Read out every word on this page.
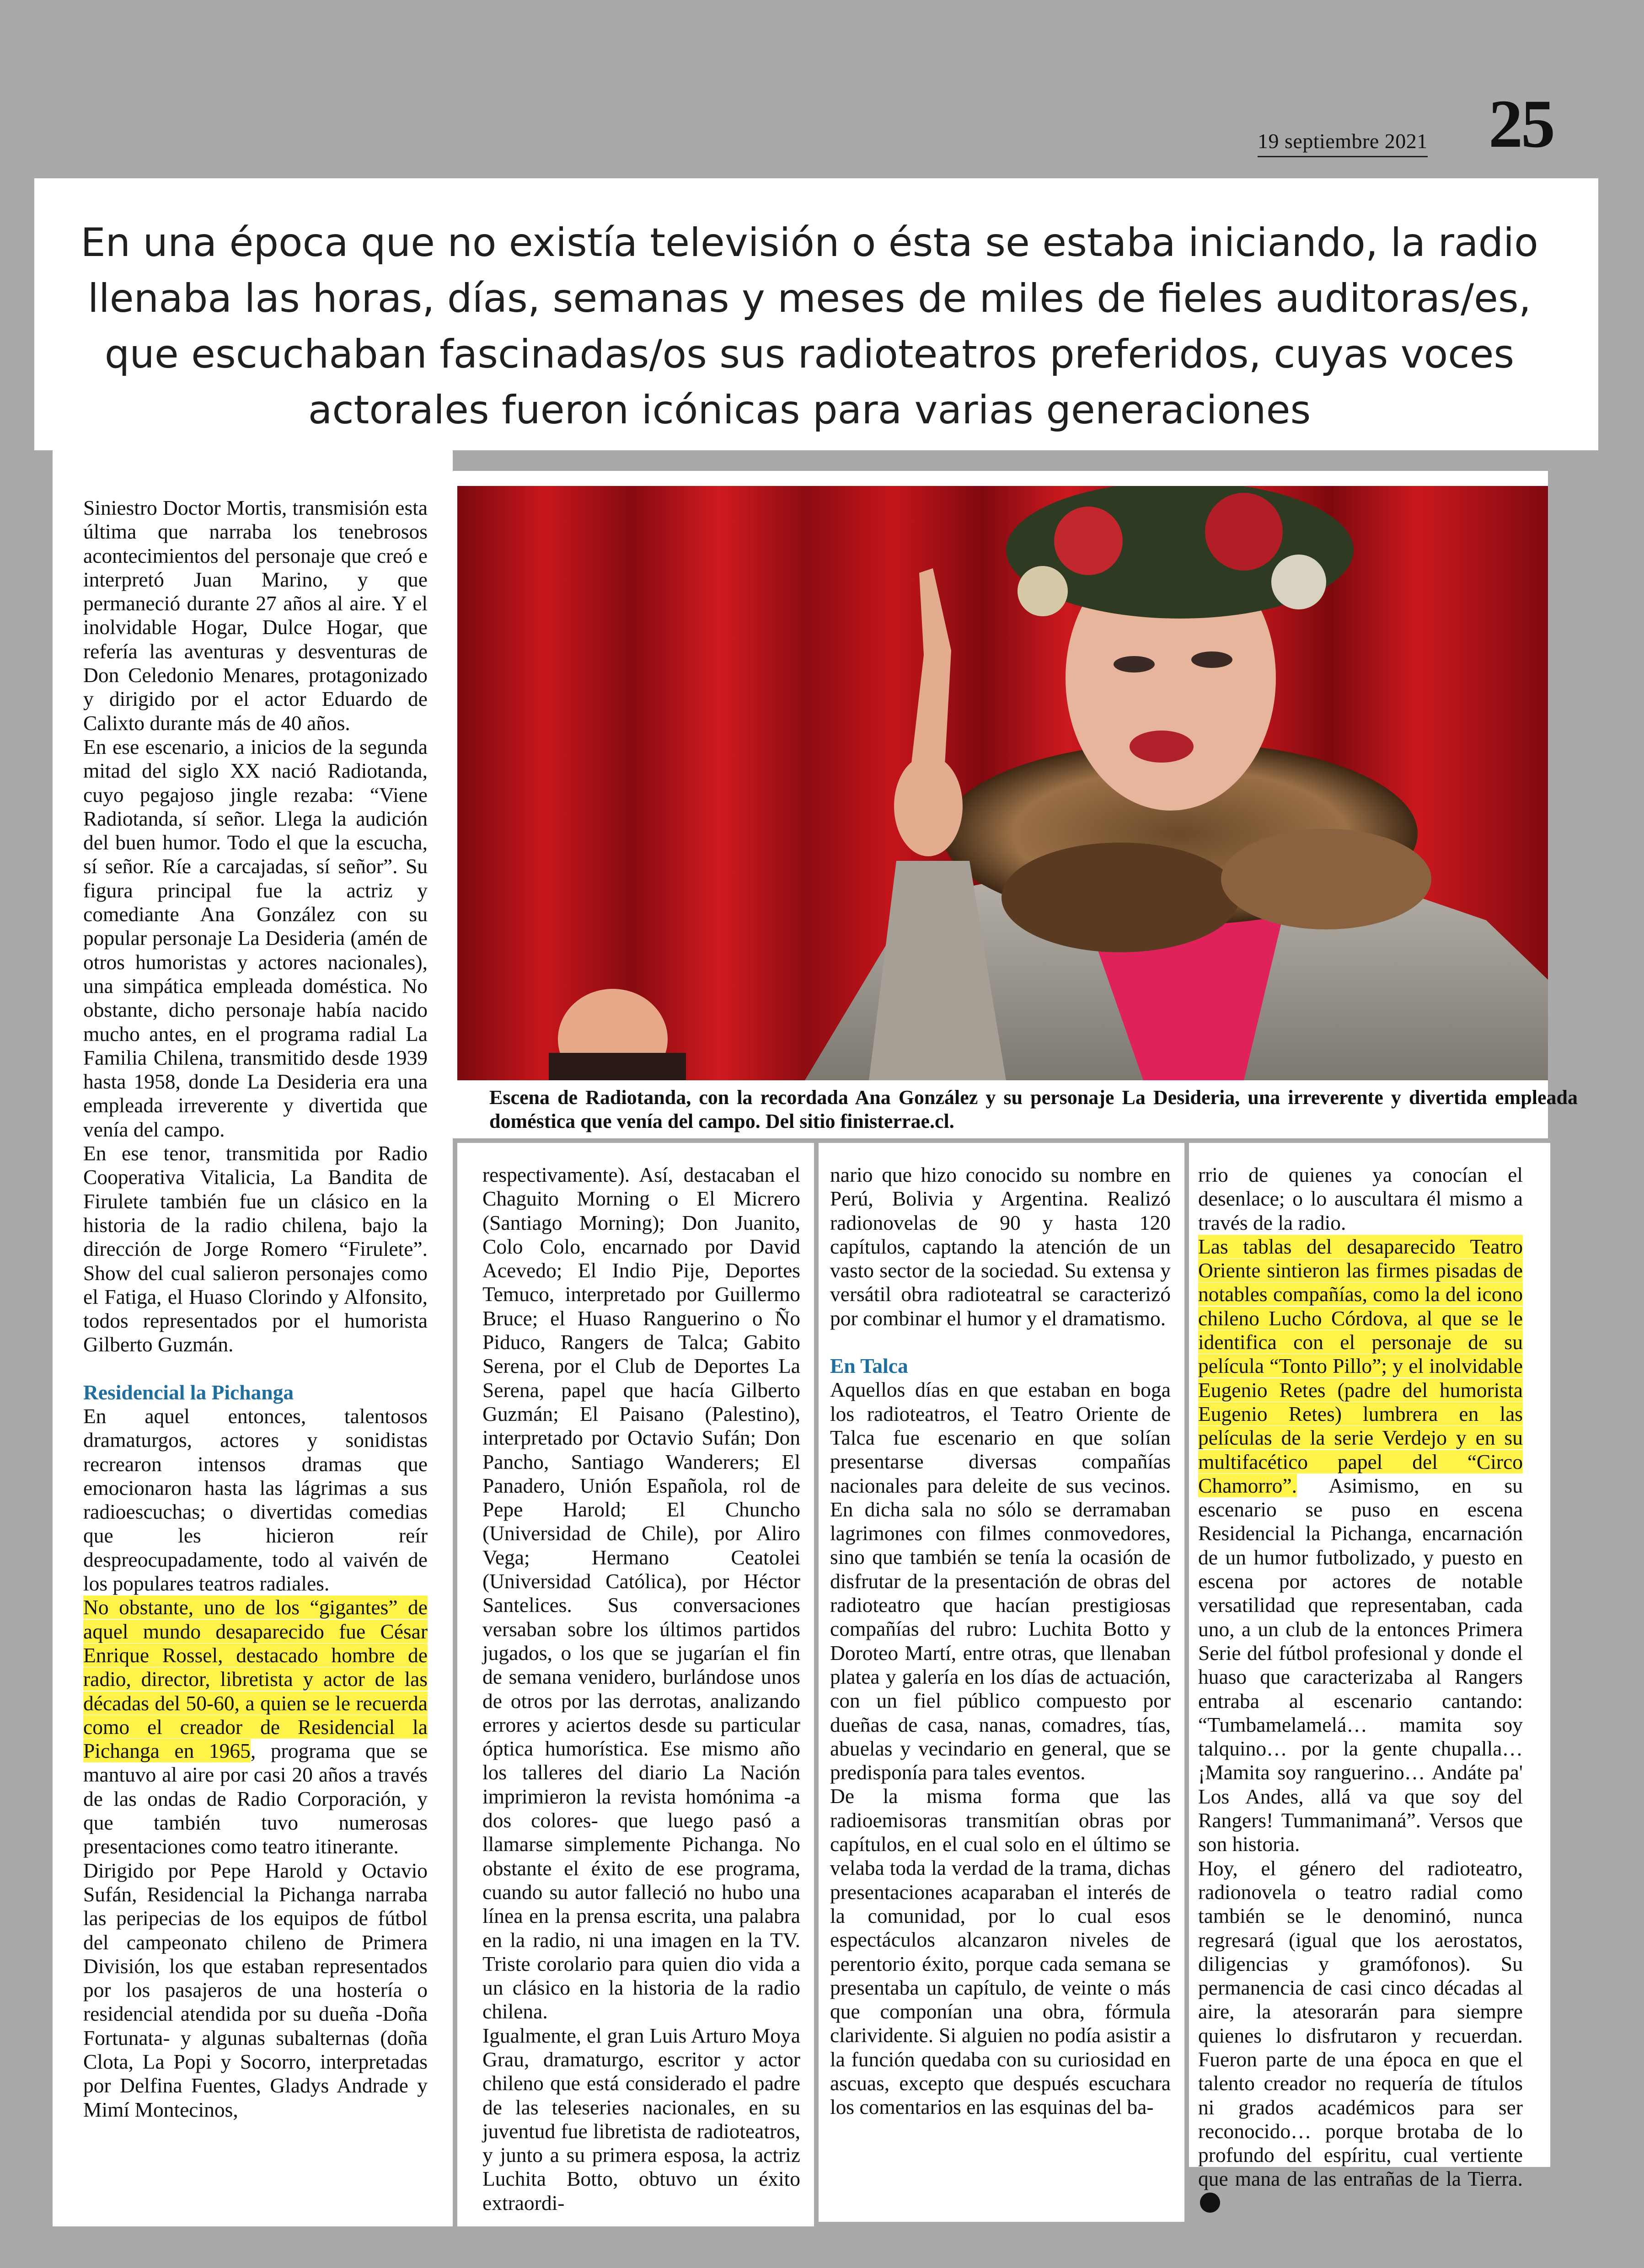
19 septiembre 2021 25
En una época que no existía televisión o ésta se estaba iniciando, la radio llenaba las horas, días, semanas y meses de miles de fieles auditoras/es, que escuchaban fascinadas/os sus radioteatros preferidos, cuyas voces actorales fueron icónicas para varias generaciones

Siniestro Doctor Mortis, transmisión esta última que narraba los tenebrosos acontecimientos del personaje que creó e interpretó Juan Marino, y que permaneció durante 27 años al aire. Y el inolvidable Hogar, Dulce Hogar, que refería las aventuras y desventuras de Don Celedonio Menares, protagonizado y dirigido por el actor Eduardo de Calixto durante más de 40 años.

En ese escenario, a inicios de la segunda mitad del siglo XX nació Radiotanda, cuyo pegajoso jingle rezaba: “Viene Radiotanda, sí señor. Llega la audición del buen humor. Todo el que la escucha, sí señor. Ríe a carcajadas, sí señor”. Su figura principal fue la actriz y comediante Ana González con su popular personaje La Desideria (amén de otros humoristas y actores nacionales), una simpática empleada doméstica. No obstante, dicho personaje había nacido mucho antes, en el programa radial La Familia Chilena, transmitido desde 1939 hasta 1958, donde La Desideria era una empleada irreverente y divertida que venía del campo.

En ese tenor, transmitida por Radio Cooperativa Vitalicia, La Bandita de Firulete también fue un clásico en la historia de la radio chilena, bajo la dirección de Jorge Romero “Firulete”. Show del cual salieron personajes como el Fatiga, el Huaso Clorindo y Alfonsito, todos representados por el humorista Gilberto Guzmán.

Residencial la Pichanga

En aquel entonces, talentosos dramaturgos, actores y sonidistas recrearon intensos dramas que emocionaron hasta las lágrimas a sus radioescuchas; o divertidas comedias que les hicieron reír despreocupadamente, todo al vaivén de los populares teatros radiales.

No obstante, uno de los “gigantes” de aquel mundo desaparecido fue César Enrique Rossel, destacado hombre de radio, director, libretista y actor de las décadas del 50-60, a quien se le recuerda como el creador de Residencial la Pichanga en 1965, programa que se mantuvo al aire por casi 20 años a través de las ondas de Radio Corporación, y que también tuvo numerosas presentaciones como teatro itinerante.

Dirigido por Pepe Harold y Octavio Sufán, Residencial la Pichanga narraba las peripecias de los equipos de fútbol del campeonato chileno de Primera División, los que estaban representados por los pasajeros de una hostería o residencial atendida por su dueña -Doña Fortunata- y algunas subalternas (doña Clota, La Popi y Socorro, interpretadas por Delfina Fuentes, Gladys Andrade y Mimí Montecinos,

Escena de Radiotanda, con la recordada Ana González y su personaje La Desideria, una irreverente y divertida empleada doméstica que venía del campo. Del sitio finisterrae.cl.

respectivamente). Así, destacaban el Chaguito Morning o El Micrero (Santiago Morning); Don Juanito, Colo Colo, encarnado por David Acevedo; El Indio Pije, Deportes Temuco, interpretado por Guillermo Bruce; el Huaso Ranguerino o Ño Piduco, Rangers de Talca; Gabito Serena, por el Club de Deportes La Serena, papel que hacía Gilberto Guzmán; El Paisano (Palestino), interpretado por Octavio Sufán; Don Pancho, Santiago Wanderers; El Panadero, Unión Española, rol de Pepe Harold; El Chuncho (Universidad de Chile), por Aliro Vega; Hermano Ceatolei (Universidad Católica), por Héctor Santelices. Sus conversaciones versaban sobre los últimos partidos jugados, o los que se jugarían el fin de semana venidero, burlándose unos de otros por las derrotas, analizando errores y aciertos desde su particular óptica humorística. Ese mismo año los talleres del diario La Nación imprimieron la revista homónima -a dos colores- que luego pasó a llamarse simplemente Pichanga. No obstante el éxito de ese programa, cuando su autor falleció no hubo una línea en la prensa escrita, una palabra en la radio, ni una imagen en la TV. Triste corolario para quien dio vida a un clásico en la historia de la radio chilena.

Igualmente, el gran Luis Arturo Moya Grau, dramaturgo, escritor y actor chileno que está considerado el padre de las teleseries nacionales, en su juventud fue libretista de radioteatros, y junto a su primera esposa, la actriz Luchita Botto, obtuvo un éxito extraordi-

nario que hizo conocido su nombre en Perú, Bolivia y Argentina. Realizó radionovelas de 90 y hasta 120 capítulos, captando la atención de un vasto sector de la sociedad. Su extensa y versátil obra radioteatral se caracterizó por combinar el humor y el dramatismo.

En Talca

Aquellos días en que estaban en boga los radioteatros, el Teatro Oriente de Talca fue escenario en que solían presentarse diversas compañías nacionales para deleite de sus vecinos. En dicha sala no sólo se derramaban lagrimones con filmes conmovedores, sino que también se tenía la ocasión de disfrutar de la presentación de obras del radioteatro que hacían prestigiosas compañías del rubro: Luchita Botto y Doroteo Martí, entre otras, que llenaban platea y galería en los días de actuación, con un fiel público compuesto por dueñas de casa, nanas, comadres, tías, abuelas y vecindario en general, que se predisponía para tales eventos.

De la misma forma que las radioemisoras transmitían obras por capítulos, en el cual solo en el último se velaba toda la verdad de la trama, dichas presentaciones acaparaban el interés de la comunidad, por lo cual esos espectáculos alcanzaron niveles de perentorio éxito, porque cada semana se presentaba un capítulo, de veinte o más que componían una obra, fórmula clarividente. Si alguien no podía asistir a la función quedaba con su curiosidad en ascuas, excepto que después escuchara los comentarios en las esquinas del ba-

rrio de quienes ya conocían el desenlace; o lo auscultara él mismo a través de la radio.

Las tablas del desaparecido Teatro Oriente sintieron las firmes pisadas de notables compañías, como la del icono chileno Lucho Córdova, al que se le identifica con el personaje de su película “Tonto Pillo”; y el inolvidable Eugenio Retes (padre del humorista Eugenio Retes) lumbrera en las películas de la serie Verdejo y en su multifacético papel del “Circo Chamorro”. Asimismo, en su escenario se puso en escena Residencial la Pichanga, encarnación de un humor futbolizado, y puesto en escena por actores de notable versatilidad que representaban, cada uno, a un club de la entonces Primera Serie del fútbol profesional y donde el huaso que caracterizaba al Rangers entraba al escenario cantando: “Tumbamelamelá… mamita soy talquino… por la gente chupalla… ¡Mamita soy ranguerino… Andáte pa' Los Andes, allá va que soy del Rangers! Tummanimaná”. Versos que son historia.

Hoy, el género del radioteatro, radionovela o teatro radial como también se le denominó, nunca regresará (igual que los aerostatos, diligencias y gramófonos). Su permanencia de casi cinco décadas al aire, la atesorarán para siempre quienes lo disfrutaron y recuerdan. Fueron parte de una época en que el talento creador no requería de títulos ni grados académicos para ser reconocido… porque brotaba de lo profundo del espíritu, cual vertiente que mana de las entrañas de la Tierra.
